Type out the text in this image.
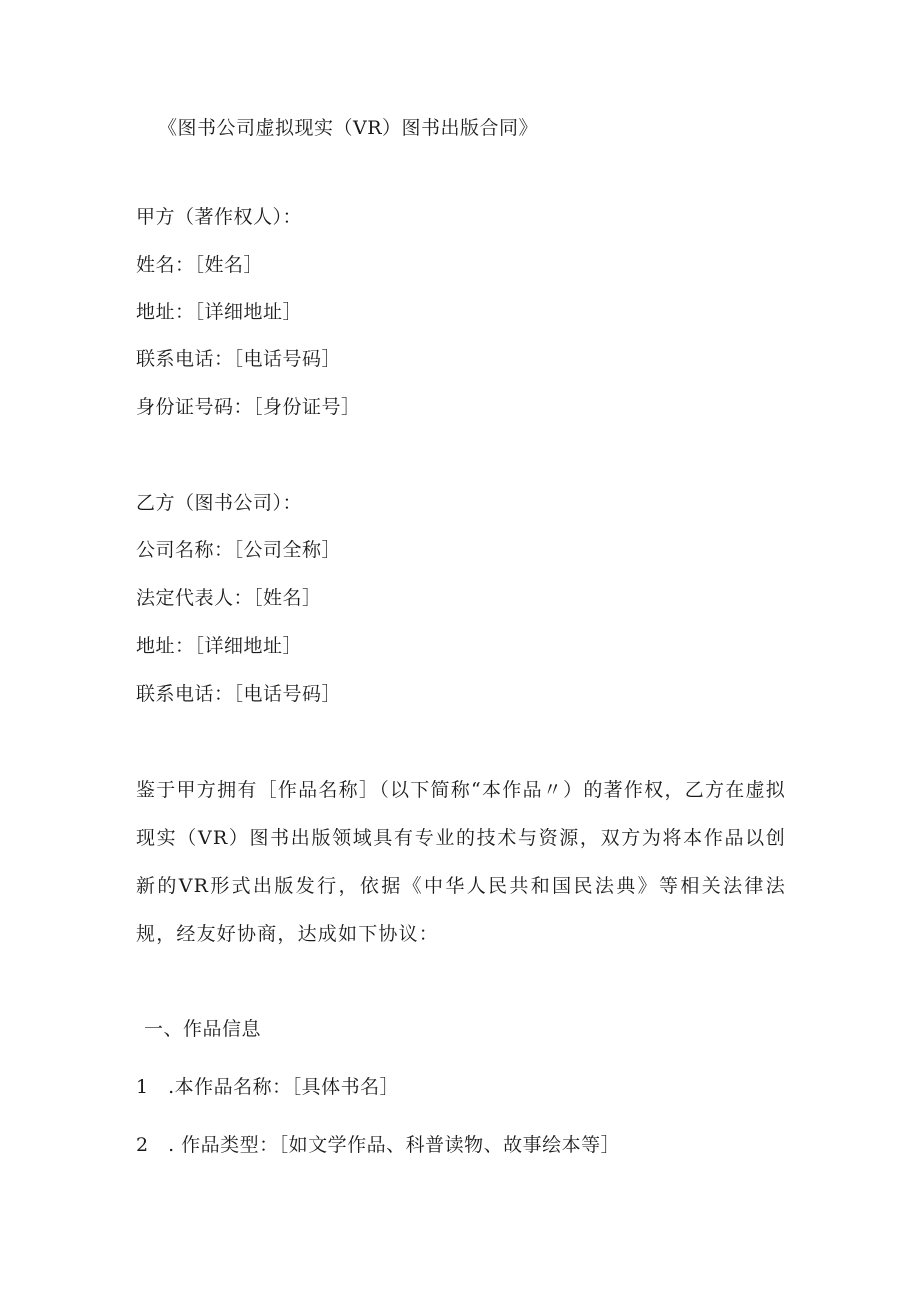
《图书公司虚拟现实（VR）图书出版合同》
甲方（著作权人）：
姓名：［姓名］
地址：［详细地址］
联系电话：［电话号码］
身份证号码：［身份证号］
乙方（图书公司）：
公司名称：［公司全称］
法定代表人：［姓名］
地址：［详细地址］
联系电话：［电话号码］
鉴于甲方拥有［作品名称］（以下简称“本作品〃）的著作权，乙方在虚拟现实（VR）图书出版领域具有专业的技术与资源，双方为将本作品以创新的VR形式出版发行，依据《中华人民共和国民法典》等相关法律法规，经友好协商，达成如下协议：
一、作品信息
1　.本作品名称：［具体书名］
2　. 作品类型：［如文学作品、科普读物、故事绘本等］
